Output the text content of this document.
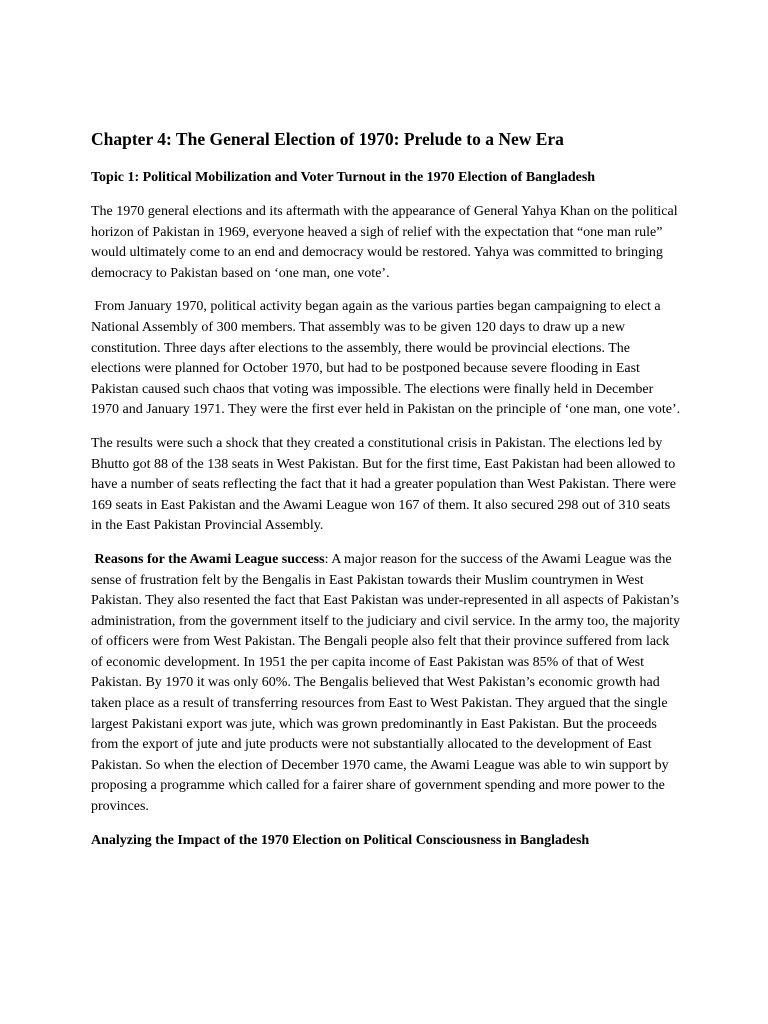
Chapter 4: The General Election of 1970: Prelude to a New Era
Topic 1: Political Mobilization and Voter Turnout in the 1970 Election of Bangladesh

The 1970 general elections and its aftermath with the appearance of General Yahya Khan on the political horizon of Pakistan in 1969, everyone heaved a sigh of relief with the expectation that “one man rule” would ultimately come to an end and democracy would be restored. Yahya was committed to bringing democracy to Pakistan based on ‘one man, one vote’.

From January 1970, political activity began again as the various parties began campaigning to elect a National Assembly of 300 members. That assembly was to be given 120 days to draw up a new constitution. Three days after elections to the assembly, there would be provincial elections. The elections were planned for October 1970, but had to be postponed because severe flooding in East Pakistan caused such chaos that voting was impossible. The elections were finally held in December 1970 and January 1971. They were the first ever held in Pakistan on the principle of ‘one man, one vote’.

The results were such a shock that they created a constitutional crisis in Pakistan. The elections led by Bhutto got 88 of the 138 seats in West Pakistan. But for the first time, East Pakistan had been allowed to have a number of seats reflecting the fact that it had a greater population than West Pakistan. There were 169 seats in East Pakistan and the Awami League won 167 of them. It also secured 298 out of 310 seats in the East Pakistan Provincial Assembly.

Reasons for the Awami League success: A major reason for the success of the Awami League was the sense of frustration felt by the Bengalis in East Pakistan towards their Muslim countrymen in West Pakistan. They also resented the fact that East Pakistan was under-represented in all aspects of Pakistan’s administration, from the government itself to the judiciary and civil service. In the army too, the majority of officers were from West Pakistan. The Bengali people also felt that their province suffered from lack of economic development. In 1951 the per capita income of East Pakistan was 85% of that of West Pakistan. By 1970 it was only 60%. The Bengalis believed that West Pakistan’s economic growth had taken place as a result of transferring resources from East to West Pakistan. They argued that the single largest Pakistani export was jute, which was grown predominantly in East Pakistan. But the proceeds from the export of jute and jute products were not substantially allocated to the development of East Pakistan. So when the election of December 1970 came, the Awami League was able to win support by proposing a programme which called for a fairer share of government spending and more power to the provinces.

Analyzing the Impact of the 1970 Election on Political Consciousness in Bangladesh
